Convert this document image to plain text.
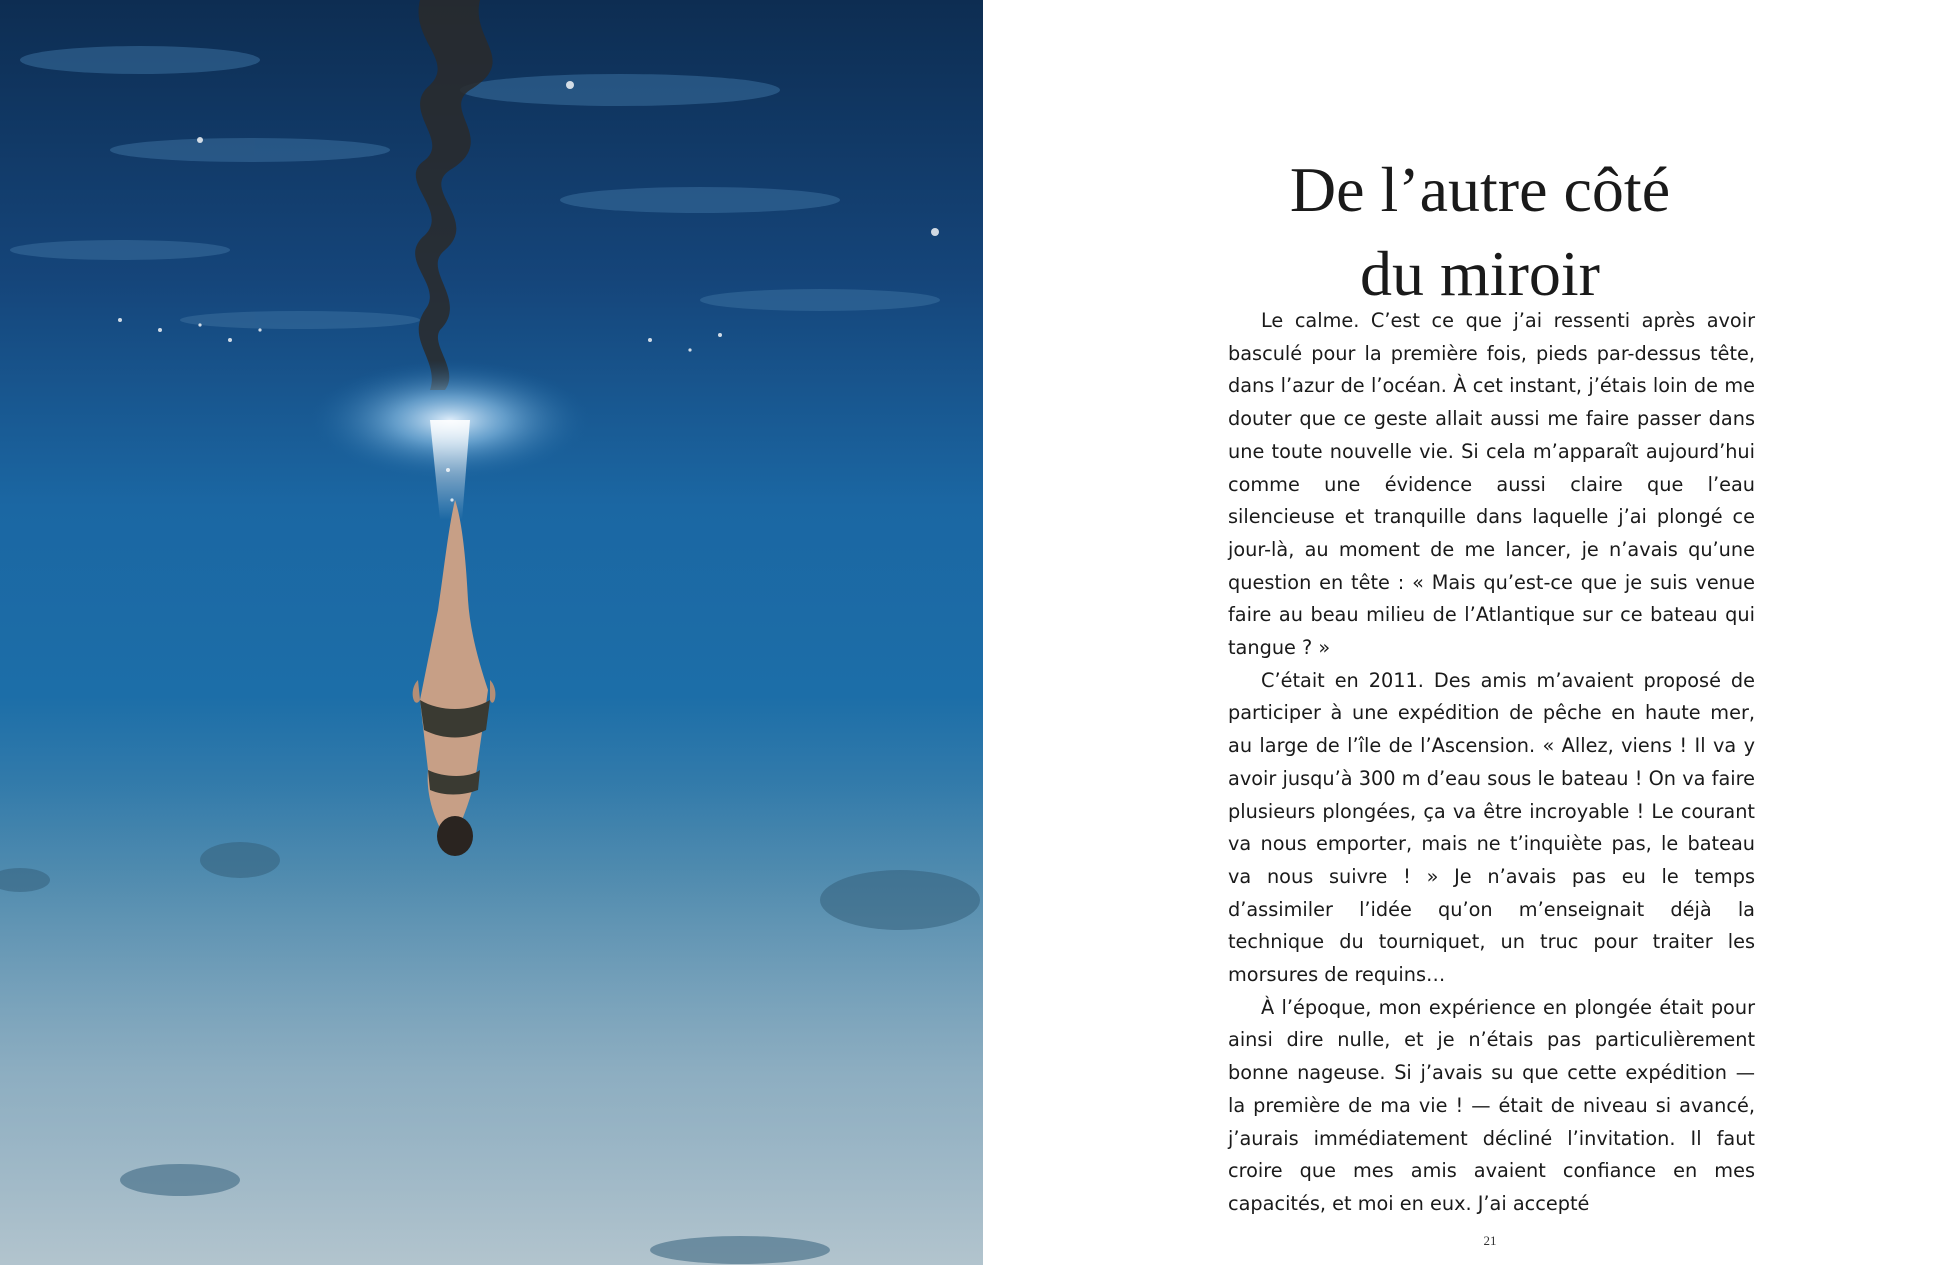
De l’autre côté
du miroir

Le calme. C’est ce que j’ai ressenti après avoir basculé pour la première fois, pieds par-dessus tête, dans l’azur de l’océan. À cet instant, j’étais loin de me douter que ce geste allait aussi me faire passer dans une toute nouvelle vie. Si cela m’apparaît aujourd’hui comme une évidence aussi claire que l’eau silencieuse et tranquille dans laquelle j’ai plongé ce jour-là, au moment de me lancer, je n’avais qu’une question en tête : « Mais qu’est-ce que je suis venue faire au beau milieu de l’Atlantique sur ce bateau qui tangue ? »

C’était en 2011. Des amis m’avaient proposé de participer à une expédition de pêche en haute mer, au large de l’île de l’Ascension. « Allez, viens ! Il va y avoir jusqu’à 300 m d’eau sous le bateau ! On va faire plusieurs plongées, ça va être incroyable ! Le courant va nous emporter, mais ne t’inquiète pas, le bateau va nous suivre ! » Je n’avais pas eu le temps d’assimiler l’idée qu’on m’enseignait déjà la technique du tourniquet, un truc pour traiter les morsures de requins…

À l’époque, mon expérience en plongée était pour ainsi dire nulle, et je n’étais pas particulièrement bonne nageuse. Si j’avais su que cette expédition — la première de ma vie ! — était de niveau si avancé, j’aurais immédiatement décliné l’invitation. Il faut croire que mes amis avaient confiance en mes capacités, et moi en eux. J’ai accepté

21
